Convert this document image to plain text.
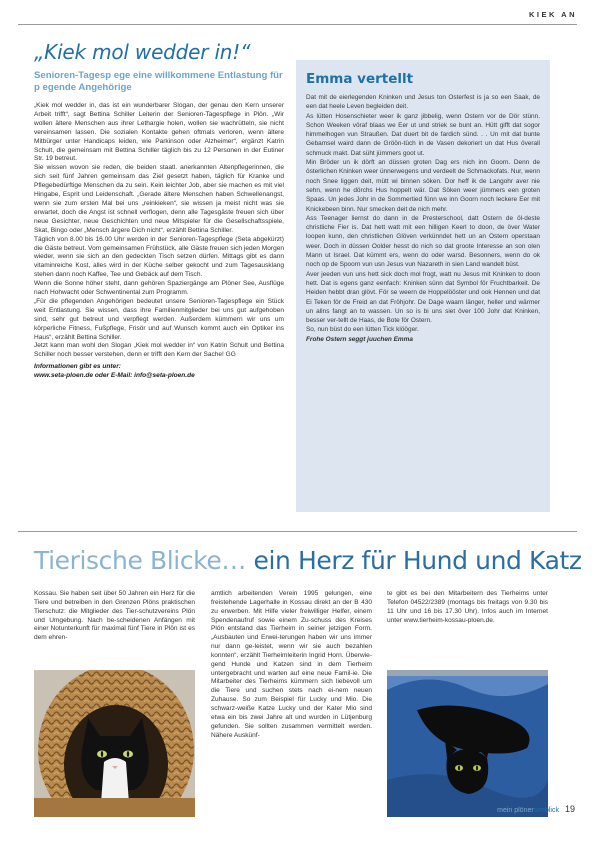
KIEK AN
„Kiek mol wedder in!“
Senioren-Tagesp ege eine willkommene Entlastung für p egende Angehörige

„Kiek mol wedder in, das ist ein wunderbarer Slogan, der genau den Kern unserer Arbeit trifft“, sagt Bettina Schiller Leiterin der Senioren-Tagespflege in Plön. „Wir wollen ältere Menschen aus ihrer Lethargie holen, wollen sie wachrütteln, sie nicht vereinsamen lassen. Die sozialen Kontakte gehen oftmals verloren, wenn ältere Mitbürger unter Handicaps leiden, wie Parkinson oder Alzheimer“, ergänzt Katrin Schult, die gemeinsam mit Bettina Schiller täglich bis zu 12 Personen in der Eutiner Str. 19 betreut.

Sie wissen wovon sie reden, die beiden staatl. anerkannten Altenpflegerinnen, die sich seit fünf Jahren gemeinsam das Ziel gesetzt haben, täglich für Kranke und Pflegebedürftige Menschen da zu sein. Kein leichter Job, aber sie machen es mit viel Hingabe, Esprit und Leidenschaft. „Gerade ältere Menschen haben Schwellenangst, wenn sie zum ersten Mal bei uns „reinkieken“, sie wissen ja meist nicht was sie erwartet, doch die Angst ist schnell verflogen, denn alle Tagesgäste freuen sich über neue Gesichter, neue Geschichten und neue Mitspieler für die Gesellschaftsspiele, Skat, Bingo oder „Mensch ärgere Dich nicht“, erzählt Bettina Schiller.

Täglich von 8.00 bis 16.00 Uhr werden in der Senioren-Tagespflege (Seta abgekürzt) die Gäste betreut. Vom gemeinsamen Frühstück, alle Gäste freuen sich jeden Morgen wieder, wenn sie sich an den gedeckten Tisch setzen dürfen. Mittags gibt es dann vitaminreiche Kost, alles wird in der Küche selber gekocht und zum Tagesausklang stehen dann noch Kaffee, Tee und Gebäck auf dem Tisch.

Wenn die Sonne höher steht, dann gehören Spaziergänge am Plöner See, Ausflüge nach Hohwacht oder Schwentinental zum Programm.

„Für die pflegenden Angehörigen bedeutet unsere Senioren-Tagespflege ein Stück weit Entlastung. Sie wissen, dass ihre Familienmitglieder bei uns gut aufgehoben sind, sehr gut betreut und verpflegt werden. Außerdem kümmern wir uns um körperliche Fitness, Fußpflege, Frisör und auf Wunsch kommt auch ein Optiker ins Haus“, erzählt Bettina Schiller.

Jetzt kann man wohl den Slogan „Kiek mol wedder in“ von Katrin Schult und Bettina Schiller noch besser verstehen, denn er trifft den Kern der Sache! GG

Informationen gibt es unter:
www.seta-ploen.de oder E-Mail: info@seta-ploen.de
Emma vertellt

Dat mit de eierlegenden Kninken und Jesus ton Osterfest is ja so een Saak, de een dat heele Leven begleiden deit.

As lütten Hosenschieter weer ik ganz jibbelig, wenn Ostern vor de Dör stünn. Schon Weeken vöraf blaas we Eer ut und striek se bunt an. Hütt gifft dat sogor himmelhogen vun Straußen. Dat duert bit de fardich sünd. . . Un mit dat bunte Gebamsel waird dann de Gröön-tüch in de Vasen dekoriert un dat Hus överall schmuck makt. Dat süht jümmers goot ut.

Min Bröder un ik dörft an düssen groten Dag ers nich inn Goorn. Denn de österlichen Kninken weer ünnerwegens und verdeelt de Schmackofats. Nur, wenn noch Snee liggen deit, mütt wi binnen söken. Dor heff ik de Langohr aver nie sehn, wenn he dörchs Hus hoppelt wär. Dat Söken weer jümmers een groten Spaas. Un jedes Johr in de Sommertied fünn we inn Goorn noch leckere Eer mit Knickebeen binn. Nur smecken deit de nich mehr.

Ass Teenager liernst do dann in de Presterschool, datt Ostern de öl-deste christliche Fier is. Dat hett watt mit een hilligen Keerl to doon, de över Water loopen kunn, den christlichen Glöven verkünndet hett un an Ostern operstaan weer. Doch in düssen Oolder hesst do nich so dat groote Interesse an son olen Mann ut Israel. Dat kümmt ers, wenn do oder warsd. Besonners, wenn do ok noch op de Spoorn vun usn Jesus vun Nazareth in sien Land wandelt büst.

Aver jeeden vun uns hett sick doch mol frogt, watt nu Jesus mit Kninken to doon hett. Dat is egens ganz eenfach: Kninken sünn dat Symbol för Fruchtbarkeit. De Heiden hebbt dran glövt. För se weern de Hoppelööster und ook Hennen und dat Ei Teken för de Freid an dat Fröhjohr. De Dage waarn länger, heller und wärmer un allns fangt an to wassen. Un so is bi uns siet över 100 Johr dat Kninken, besser ver-tellt de Haas, de Bote för Ostern.

So, nun büst do een lütten Tick klööger.

Frohe Ostern seggt juuchen Emma
Tierische Blicke… ein Herz für Hund und Katz
Kossau. Sie haben seit über 50 Jahren ein Herz für die Tiere und betreiben in den Grenzen Plöns praktischen Tierschutz: die Mitglieder des Tier-schutzvereins Plön und Umgebung. Nach be-scheidenen Anfängen mit einer Notunterkunft für maximal fünf Tiere in Plön ist es dem ehren-
amtlich arbeitenden Verein 1995 gelungen, eine freistehende Lagerhalle in Kossau direkt an der B 430 zu erwerben. Mit Hilfe vieler freiwilliger Helfer, einem Spendenaufruf sowie einem Zu-schuss des Kreises Plön entstand das Tierheim in seiner jetzigen Form. „Ausbauten und Erwei-terungen haben wir uns immer nur dann ge-leistet, wenn wir sie auch bezahlen konnten“, erzählt Tierheimleiterin Ingrid Horn. Überwie-gend Hunde und Katzen sind in dem Tierheim untergebracht und warten auf eine neue Famil-ie. Die Mitarbeiter des Tierheims kümmern sich liebevoll um die Tiere und suchen stets nach ei-nem neuen Zuhause. So zum Beispiel für Lucky und Mio. Die schwarz-weiße Katze Lucky und der Kater Mio sind etwa ein bis zwei Jahre alt und wurden in Lütjenburg gefunden. Sie sollten zusammen vermittelt werden. Nähere Auskünf-
te gibt es bei den Mitarbeitern des Tierheims unter Telefon 04522/2389 (montags bis freitags von 9.30 bis 11 Uhr und 16 bis 17.30 Uhr). Infos auch im Internet unter www.tierheim-kossau-ploen.de.
mein plönerseeblick 19
